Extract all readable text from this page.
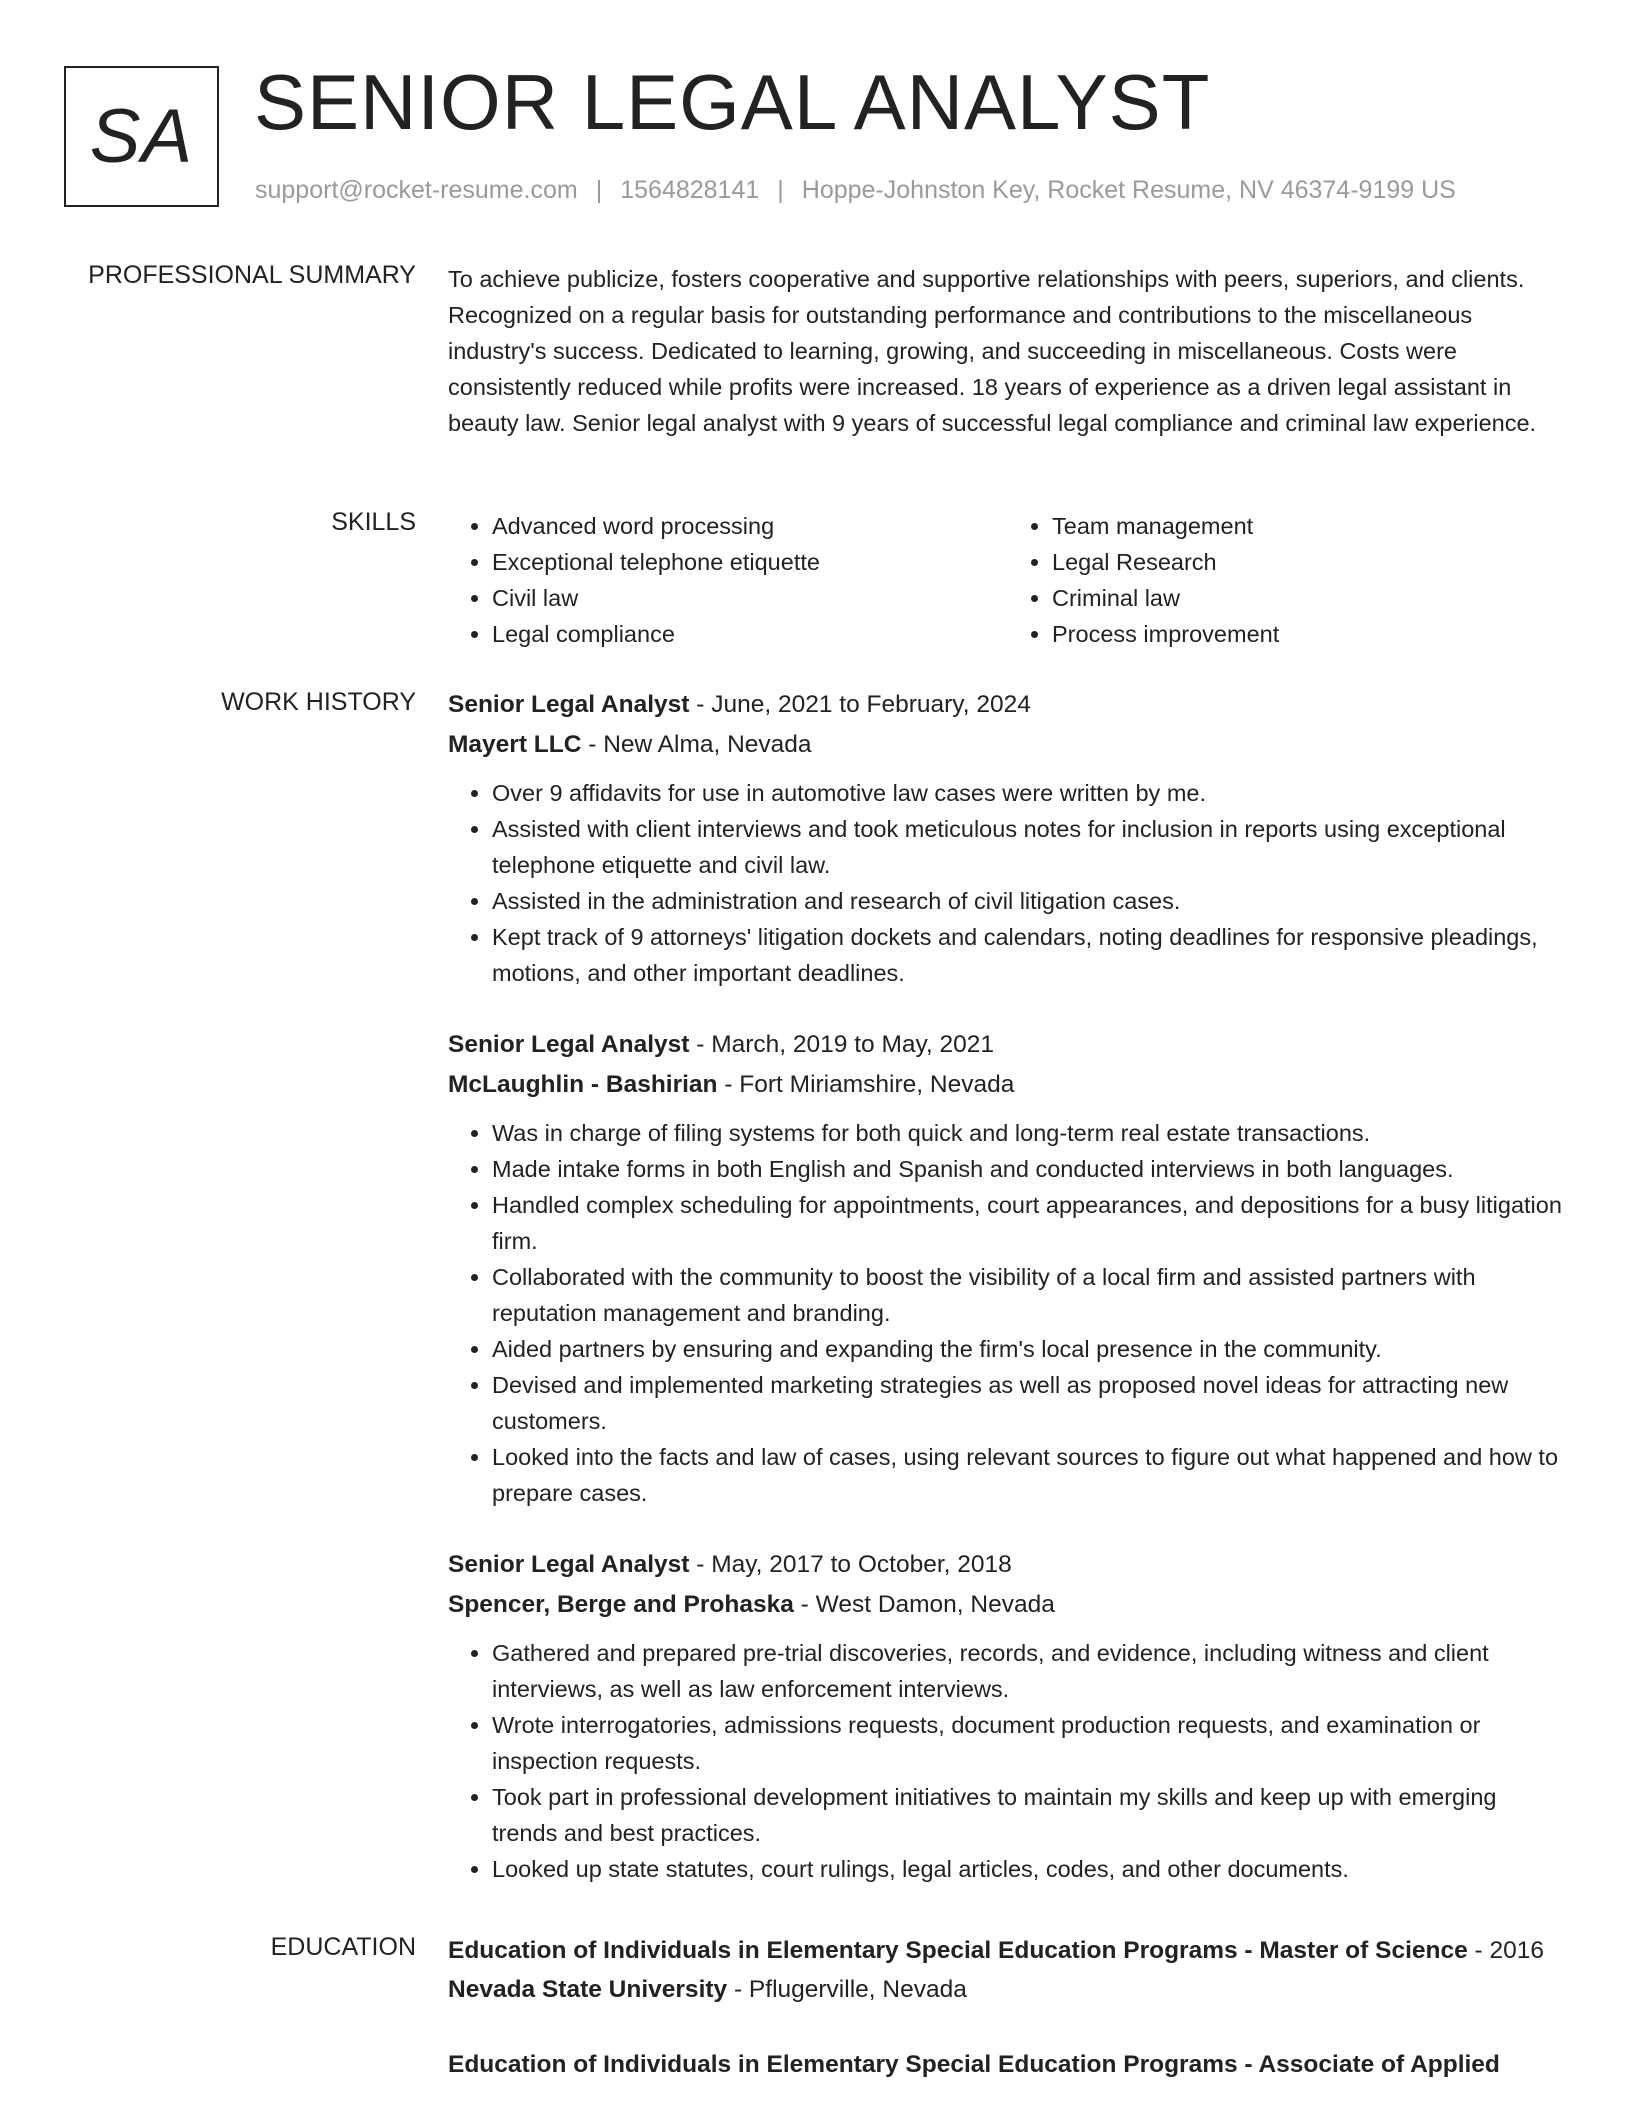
SA SENIOR LEGAL ANALYST
support@rocket-resume.com | 1564828141 | Hoppe-Johnston Key, Rocket Resume, NV 46374-9199 US
PROFESSIONAL SUMMARY To achieve publicize, fosters cooperative and supportive relationships with peers, superiors, and clients. Recognized on a regular basis for outstanding performance and contributions to the miscellaneous industry's success. Dedicated to learning, growing, and succeeding in miscellaneous. Costs were consistently reduced while profits were increased. 18 years of experience as a driven legal assistant in beauty law. Senior legal analyst with 9 years of successful legal compliance and criminal law experience.

SKILLS
•	Advanced word processing
• Exceptional telephone etiquette
• Civil law
• Legal compliance
• Team management
• Legal Research
• Criminal law
• Process improvement
WORK HISTORY Senior Legal Analyst - June, 2021 to February, 2024
Mayert LLC - New Alma, Nevada
• Over 9 affidavits for use in automotive law cases were written by me.
• Assisted with client interviews and took meticulous notes for inclusion in reports using exceptional telephone etiquette and civil law.
• Assisted in the administration and research of civil litigation cases.
• Kept track of 9 attorneys' litigation dockets and calendars, noting deadlines for responsive pleadings, motions, and other important deadlines.
Senior Legal Analyst - March, 2019 to May, 2021
McLaughlin - Bashirian - Fort Miriamshire, Nevada
• Was in charge of filing systems for both quick and long-term real estate transactions.
• Made intake forms in both English and Spanish and conducted interviews in both languages.
• Handled complex scheduling for appointments, court appearances, and depositions for a busy litigation firm.
• Collaborated with the community to boost the visibility of a local firm and assisted partners with reputation management and branding.
• Aided partners by ensuring and expanding the firm's local presence in the community.
• Devised and implemented marketing strategies as well as proposed novel ideas for attracting new customers.
• Looked into the facts and law of cases, using relevant sources to figure out what happened and how to prepare cases.
Senior Legal Analyst - May, 2017 to October, 2018
Spencer, Berge and Prohaska - West Damon, Nevada
• Gathered and prepared pre-trial discoveries, records, and evidence, including witness and client interviews, as well as law enforcement interviews.
• Wrote interrogatories, admissions requests, document production requests, and examination or inspection requests.
• Took part in professional development initiatives to maintain my skills and keep up with emerging trends and best practices.
• Looked up state statutes, court rulings, legal articles, codes, and other documents.
EDUCATION Education of Individuals in Elementary Special Education Programs - Master of Science - 2016
Nevada State University - Pflugerville, Nevada
Education of Individuals in Elementary Special Education Programs - Associate of Applied
